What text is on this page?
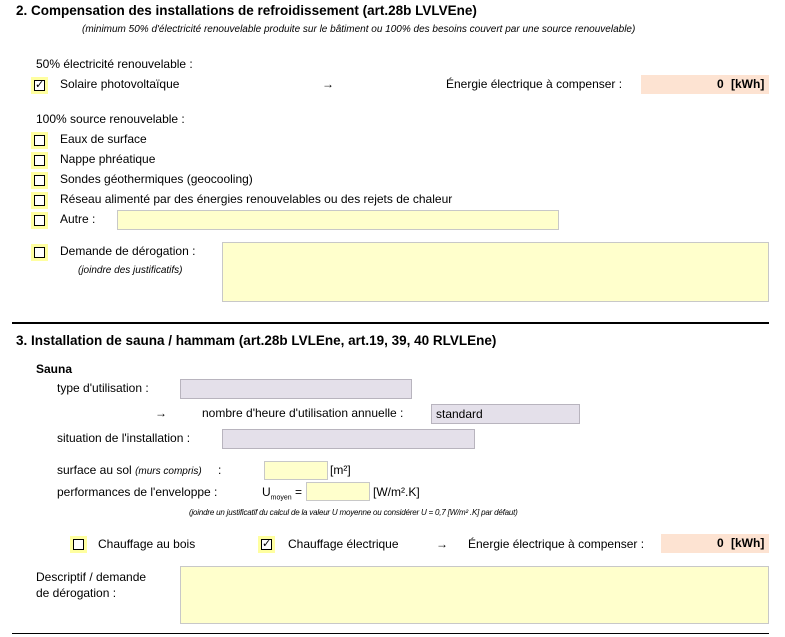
2. Compensation des installations de refroidissement (art.28b LVLVEne)
(minimum 50% d'électricité renouvelable produite sur le bâtiment ou 100% des besoins couvert par une source renouvelable)
50% électricité renouvelable :
✓ Solaire photovoltaïque	→	Énergie électrique à compenser :	0 [kWh]
100% source renouvelable :
Eaux de surface
Nappe phréatique
Sondes géothermiques (geocooling)
Réseau alimenté par des énergies renouvelables ou des rejets de chaleur
Autre :
Demande de dérogation :
(joindre des justificatifs)
3. Installation de sauna / hammam (art.28b LVLEne, art.19, 39, 40 RLVLEne)
Sauna
type d'utilisation :
→	nombre d'heure d'utilisation annuelle :	standard
situation de l'installation :
surface au sol (murs compris) :	[m²]
performances de l'enveloppe :	$U_{moyen}$ =	[W/m².K]
(joindre un justificatif du calcul de la valeur U moyenne ou considérer U = 0,7 [W/m² .K] par défaut)
Chauffage au bois	✓ Chauffage électrique	→ Énergie électrique à compenser :	0 [kWh]
Descriptif / demande
de dérogation :
